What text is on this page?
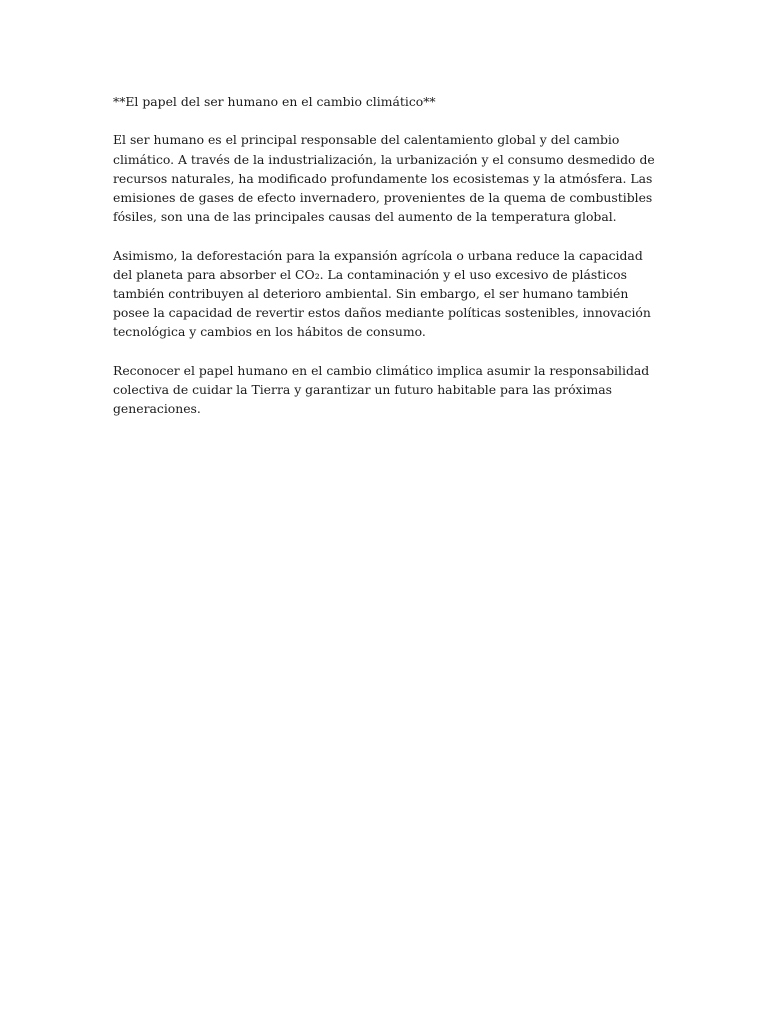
**El papel del ser humano en el cambio climático**

El ser humano es el principal responsable del calentamiento global y del cambio climático. A través de la industrialización, la urbanización y el consumo desmedido de recursos naturales, ha modificado profundamente los ecosistemas y la atmósfera. Las emisiones de gases de efecto invernadero, provenientes de la quema de combustibles fósiles, son una de las principales causas del aumento de la temperatura global.

Asimismo, la deforestación para la expansión agrícola o urbana reduce la capacidad del planeta para absorber el CO₂. La contaminación y el uso excesivo de plásticos también contribuyen al deterioro ambiental. Sin embargo, el ser humano también posee la capacidad de revertir estos daños mediante políticas sostenibles, innovación tecnológica y cambios en los hábitos de consumo.

Reconocer el papel humano en el cambio climático implica asumir la responsabilidad colectiva de cuidar la Tierra y garantizar un futuro habitable para las próximas generaciones.
